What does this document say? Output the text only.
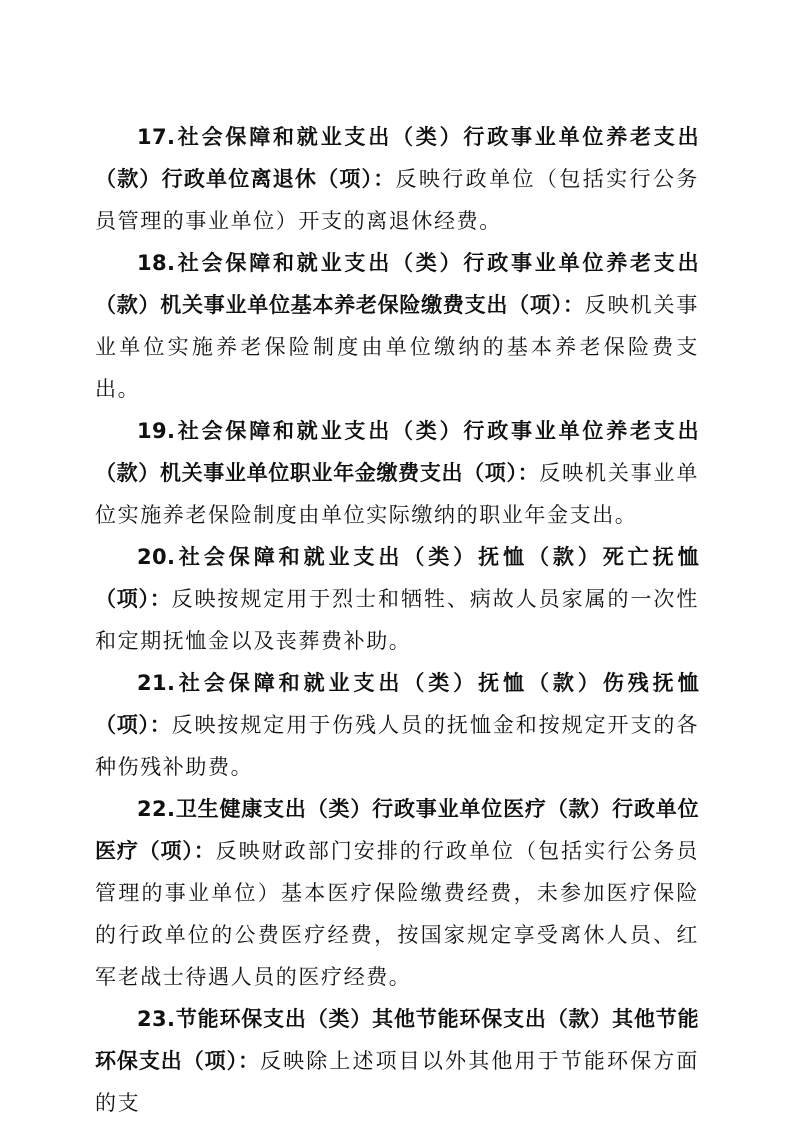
17.社会保障和就业支出（类）行政事业单位养老支出（款）行政单位离退休（项）：反映行政单位（包括实行公务员管理的事业单位）开支的离退休经费。

18.社会保障和就业支出（类）行政事业单位养老支出（款）机关事业单位基本养老保险缴费支出（项）：反映机关事业单位实施养老保险制度由单位缴纳的基本养老保险费支出。

19.社会保障和就业支出（类）行政事业单位养老支出（款）机关事业单位职业年金缴费支出（项）：反映机关事业单位实施养老保险制度由单位实际缴纳的职业年金支出。

20.社会保障和就业支出（类）抚恤（款）死亡抚恤（项）：反映按规定用于烈士和牺牲、病故人员家属的一次性和定期抚恤金以及丧葬费补助。

21.社会保障和就业支出（类）抚恤（款）伤残抚恤（项）：反映按规定用于伤残人员的抚恤金和按规定开支的各种伤残补助费。

22.卫生健康支出（类）行政事业单位医疗（款）行政单位医疗（项）：反映财政部门安排的行政单位（包括实行公务员管理的事业单位）基本医疗保险缴费经费，未参加医疗保险的行政单位的公费医疗经费，按国家规定享受离休人员、红军老战士待遇人员的医疗经费。

23.节能环保支出（类）其他节能环保支出（款）其他节能环保支出（项）：反映除上述项目以外其他用于节能环保方面的支
